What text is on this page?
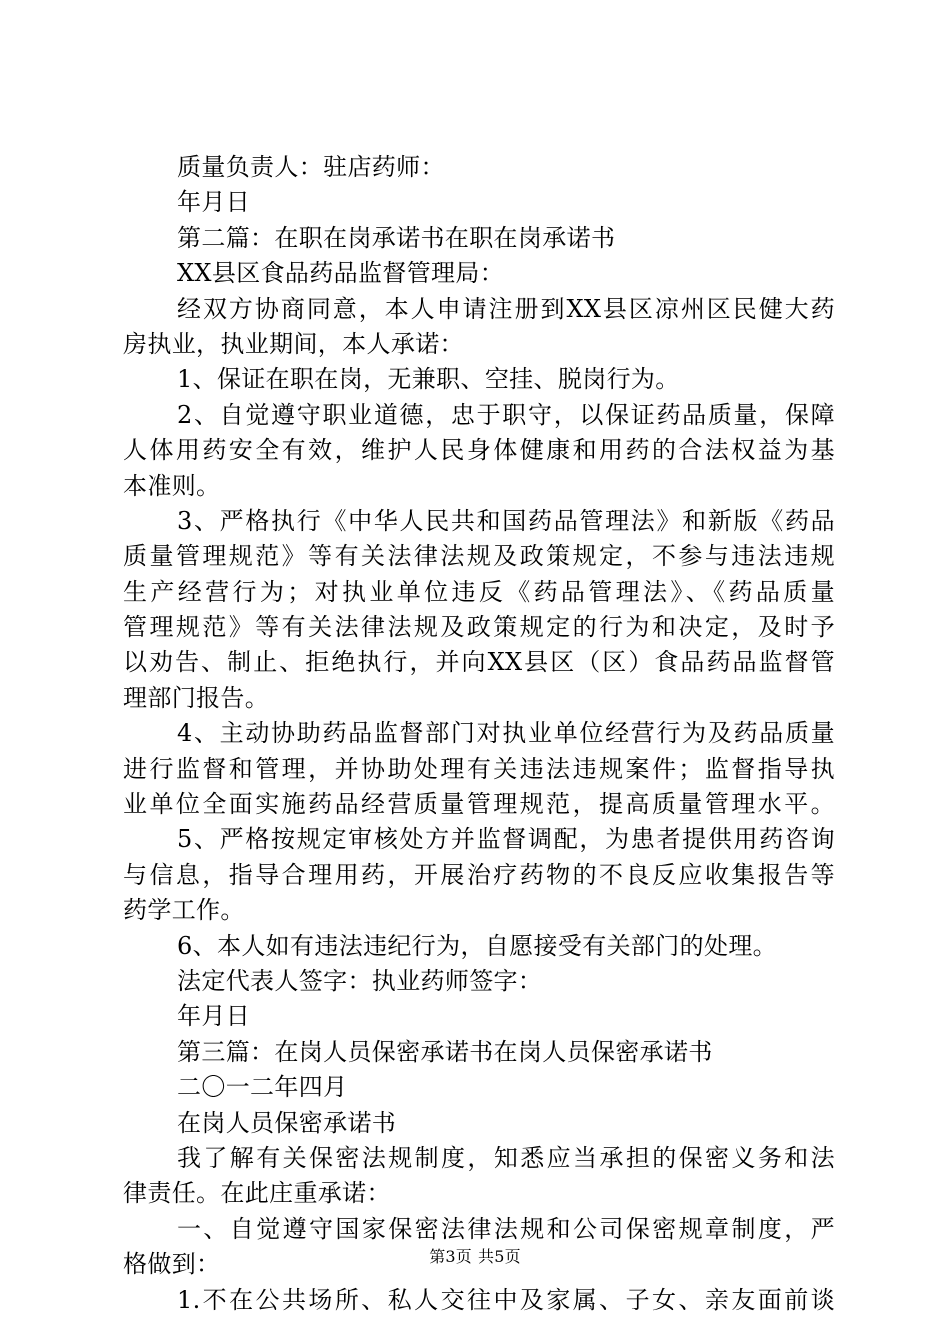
质量负责人：驻店药师：
年月日
第二篇：在职在岗承诺书在职在岗承诺书
XX县区食品药品监督管理局：
经双方协商同意，本人申请注册到XX县区凉州区民健大药
房执业，执业期间，本人承诺：
1、保证在职在岗，无兼职、空挂、脱岗行为。
2、自觉遵守职业道德，忠于职守，以保证药品质量，保障
人体用药安全有效，维护人民身体健康和用药的合法权益为基
本准则。
3、严格执行《中华人民共和国药品管理法》和新版《药品
质量管理规范》等有关法律法规及政策规定，不参与违法违规
生产经营行为；对执业单位违反《药品管理法》、《药品质量
管理规范》等有关法律法规及政策规定的行为和决定，及时予
以劝告、制止、拒绝执行，并向XX县区（区）食品药品监督管
理部门报告。
4、主动协助药品监督部门对执业单位经营行为及药品质量
进行监督和管理，并协助处理有关违法违规案件；监督指导执
业单位全面实施药品经营质量管理规范，提高质量管理水平。
5、严格按规定审核处方并监督调配，为患者提供用药咨询
与信息，指导合理用药，开展治疗药物的不良反应收集报告等
药学工作。
6、本人如有违法违纪行为，自愿接受有关部门的处理。
法定代表人签字：执业药师签字：
年月日
第三篇：在岗人员保密承诺书在岗人员保密承诺书
二〇一二年四月
在岗人员保密承诺书
我了解有关保密法规制度，知悉应当承担的保密义务和法
律责任。在此庄重承诺：
一、自觉遵守国家保密法律法规和公司保密规章制度，严
格做到：
1.不在公共场所、私人交往中及家属、子女、亲友面前谈
第3页 共5页
